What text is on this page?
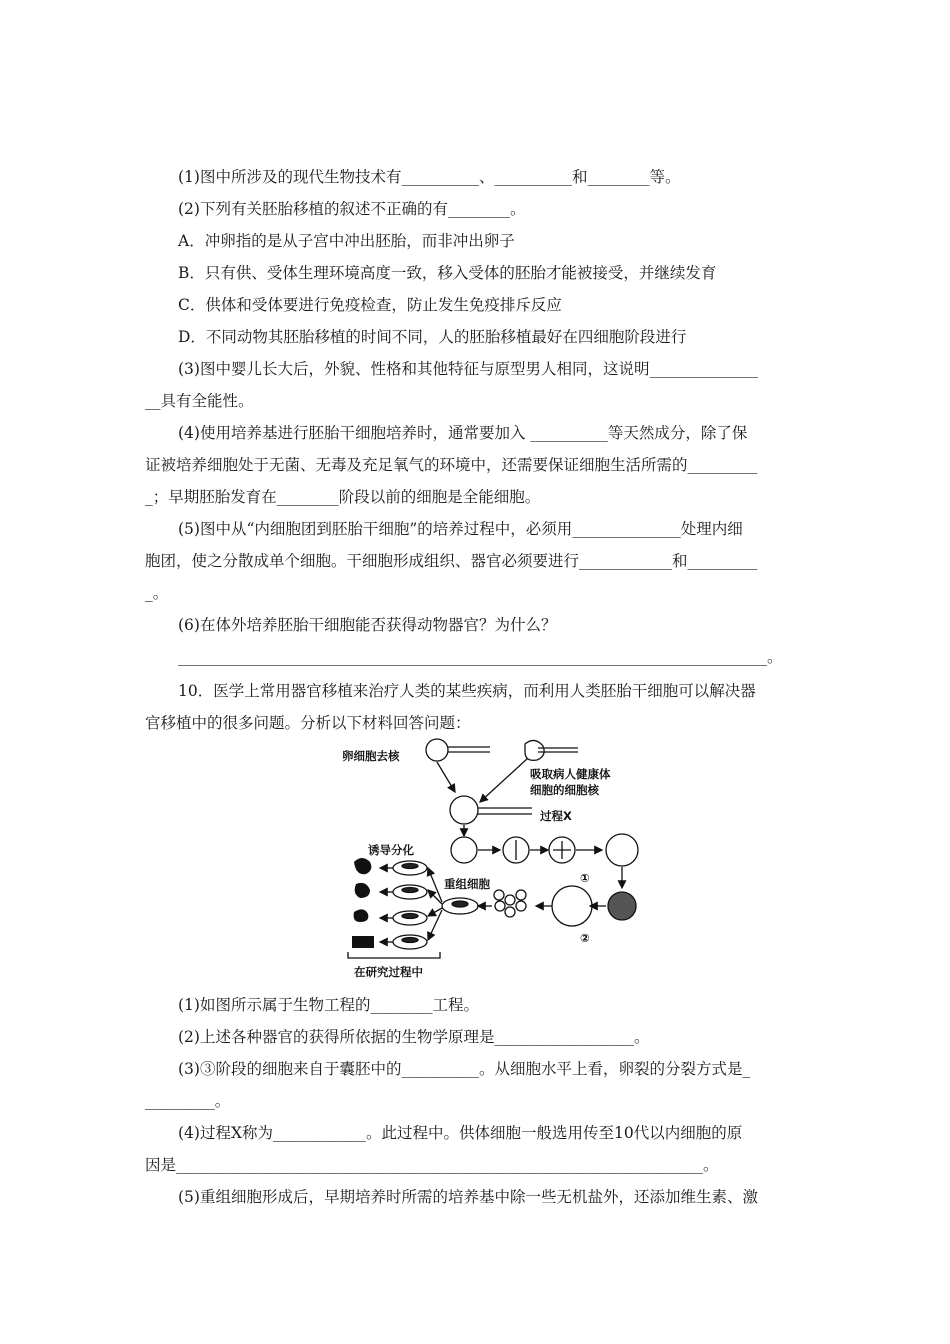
(1)图中所涉及的现代生物技术有__________、__________和________等。
(2)下列有关胚胎移植的叙述不正确的有________。
A．冲卵指的是从子宫中冲出胚胎，而非冲出卵子
B．只有供、受体生理环境高度一致，移入受体的胚胎才能被接受，并继续发育
C．供体和受体要进行免疫检查，防止发生免疫排斥反应
D．不同动物其胚胎移植的时间不同，人的胚胎移植最好在四细胞阶段进行
(3)图中婴儿长大后，外貌、性格和其他特征与原型男人相同，这说明______________
__具有全能性。
(4)使用培养基进行胚胎干细胞培养时，通常要加入 __________等天然成分，除了保
证被培养细胞处于无菌、无毒及充足氧气的环境中，还需要保证细胞生活所需的_________
_；早期胚胎发育在________阶段以前的细胞是全能细胞。
(5)图中从“内细胞团到胚胎干细胞”的培养过程中，必须用______________处理内细
胞团，使之分散成单个细胞。干细胞形成组织、器官必须要进行____________和_________
_。
(6)在体外培养胚胎干细胞能否获得动物器官？为什么？
____________________________________________________________________________。
10．医学上常用器官移植来治疗人类的某些疾病，而利用人类胚胎干细胞可以解决器
官移植中的很多问题。分析以下材料回答问题：
卵细胞去核
吸取病人健康体
细胞的细胞核
过程X
诱导分化
重组细胞
在研究过程中
①
②
(1)如图所示属于生物工程的________工程。
(2)上述各种器官的获得所依据的生物学原理是__________________。
(3)③阶段的细胞来自于囊胚中的__________。从细胞水平上看，卵裂的分裂方式是_
_________。
(4)过程X称为____________。此过程中。供体细胞一般选用传至10代以内细胞的原
因是____________________________________________________________________。
(5)重组细胞形成后，早期培养时所需的培养基中除一些无机盐外，还添加维生素、激
